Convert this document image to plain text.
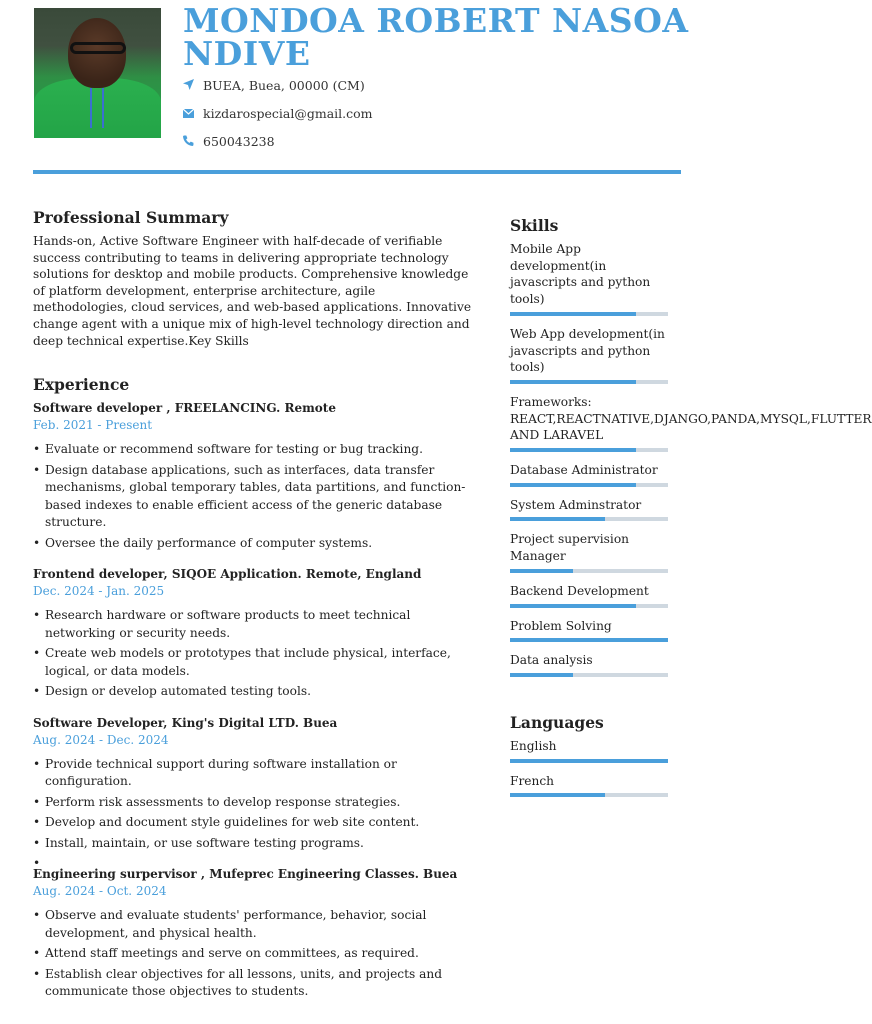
MONDOA ROBERT NASOA NDIVE
BUEA, Buea, 00000 (CM)
kizdarospecial@gmail.com
650043238
Professional Summary

Hands-on, Active Software Engineer with half-decade of verifiable success contributing to teams in delivering appropriate technology solutions for desktop and mobile products. Comprehensive knowledge of platform development, enterprise architecture, agile methodologies, cloud services, and web-based applications. Innovative change agent with a unique mix of high-level technology direction and deep technical expertise.Key Skills

Experience
Software developer , FREELANCING. Remote
Feb. 2021 - Present
• Evaluate or recommend software for testing or bug tracking.
• Design database applications, such as interfaces, data transfer mechanisms, global temporary tables, data partitions, and function-based indexes to enable efficient access of the generic database structure.
• Oversee the daily performance of computer systems.
Frontend developer, SIQOE Application. Remote, England
Dec. 2024 - Jan. 2025
• Research hardware or software products to meet technical networking or security needs.
• Create web models or prototypes that include physical, interface, logical, or data models.
• Design or develop automated testing tools.
Software Developer, King's Digital LTD. Buea
Aug. 2024 - Dec. 2024
• Provide technical support during software installation or configuration.
• Perform risk assessments to develop response strategies.
• Develop and document style guidelines for web site content.
• Install, maintain, or use software testing programs.
Engineering surpervisor , Mufeprec Engineering Classes. Buea
Aug. 2024 - Oct. 2024
• Observe and evaluate students' performance, behavior, social development, and physical health.
• Attend staff meetings and serve on committees, as required.
• Establish clear objectives for all lessons, units, and projects and communicate those objectives to students.
Skills
Mobile App development(in javascripts and python tools)
Web App development(in javascripts and python tools)
Frameworks: REACT,REACTNATIVE,DJANGO,PANDA,MYSQL,FLUTTER AND LARAVEL
Database Administrator
System Adminstrator
Project supervision Manager
Backend Development
Problem Solving
Data analysis
Languages
English
French
